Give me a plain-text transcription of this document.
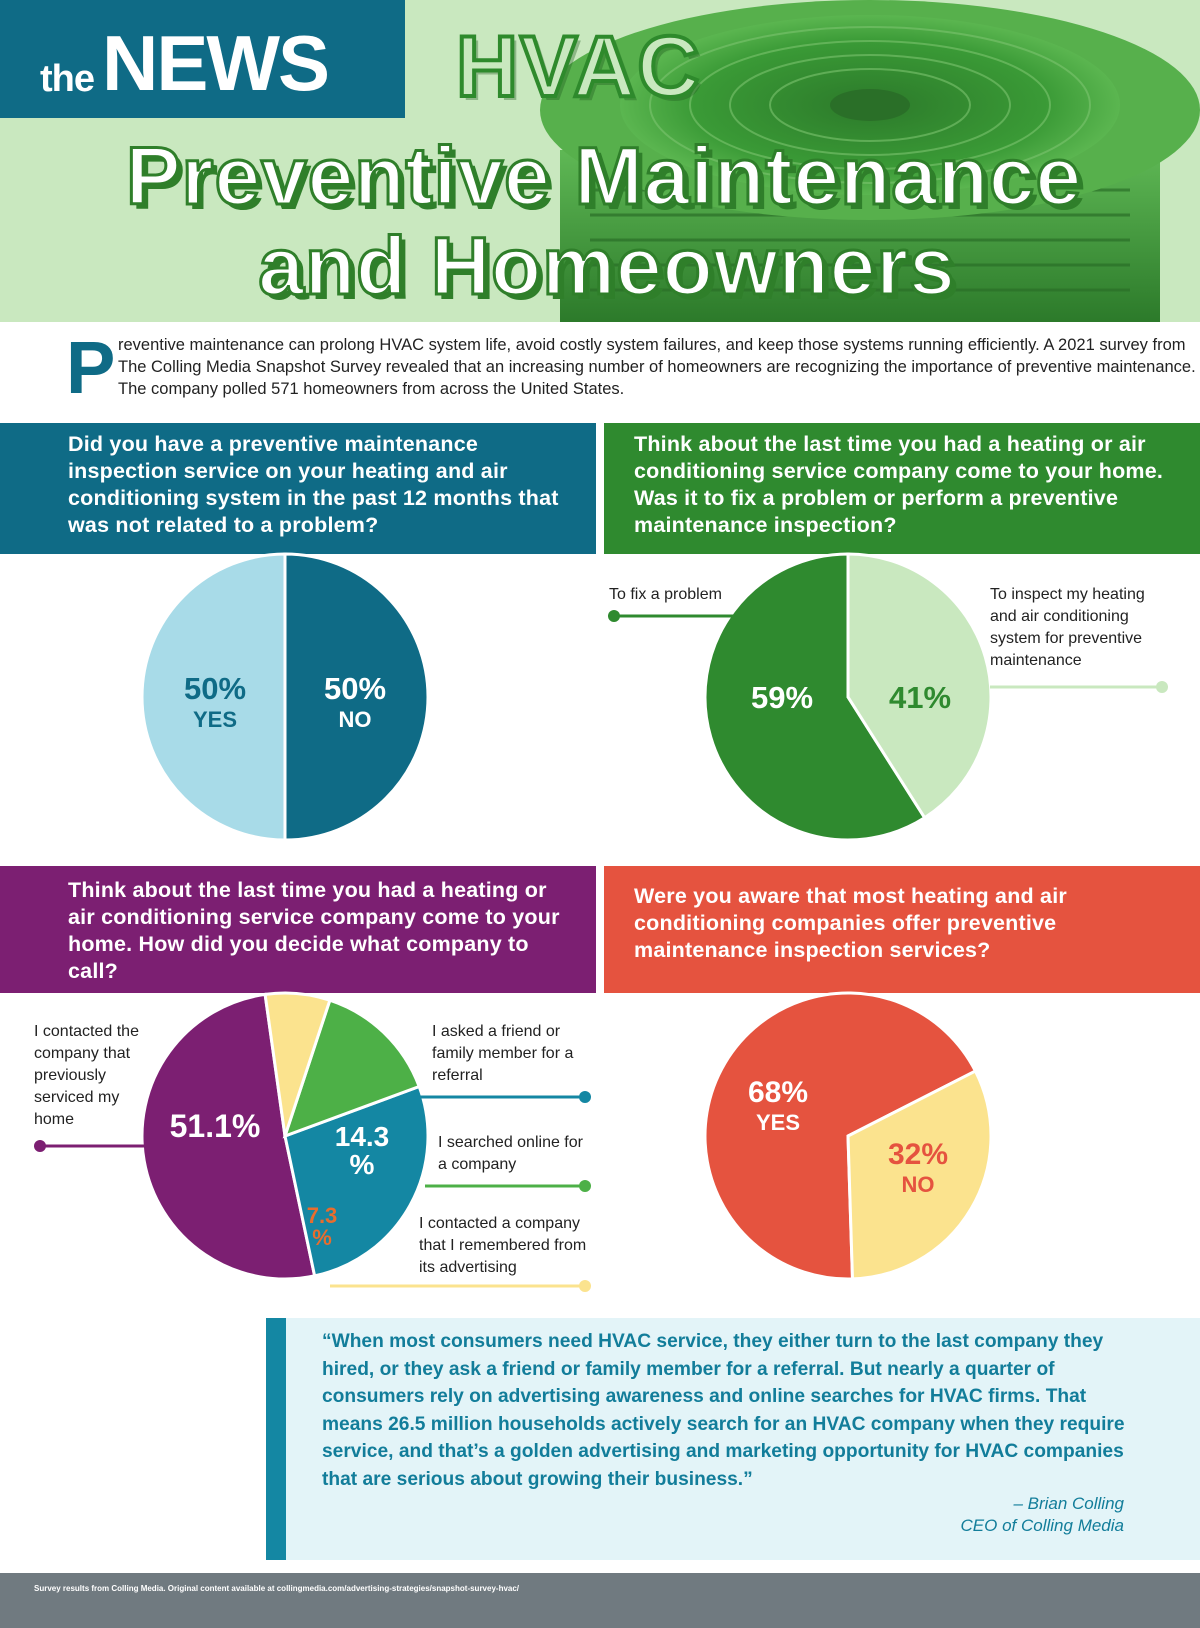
the NEWS HVAC
Preventive Maintenance
and Homeowners
P reventive maintenance can prolong HVAC system life, avoid costly system failures, and keep those systems running efficiently. A 2021 survey from The Colling Media Snapshot Survey revealed that an increasing number of homeowners are recognizing the importance of preventive maintenance. The company polled 571 homeowners from across the United States.
Did you have a preventive maintenance inspection service on your heating and air conditioning system in the past 12 months that was not related to a problem?
Think about the last time you had a heating or air conditioning service company come to your home. Was it to fix a problem or perform a preventive maintenance inspection?
Think about the last time you had a heating or air conditioning service company come to your home. How did you decide what company to call?
Were you aware that most heating and air conditioning companies offer preventive maintenance inspection services?
50%
YES
50%
NO
59% 41%
51.1%	14.3
%
7.3
%
68%
YES
32%
NO
To fix a problem	To inspect my heating and air conditioning system for preventive maintenance
I contacted the company that previously serviced my home
I asked a friend or family member for a referral
I searched online for a company
I contacted a company that I remembered from its advertising
“When most consumers need HVAC service, they either turn to the last company they hired, or they ask a friend or family member for a referral. But nearly a quarter of consumers rely on advertising awareness and online searches for HVAC firms. That means 26.5 million households actively search for an HVAC company when they require service, and that’s a golden advertising and marketing opportunity for HVAC companies that are serious about growing their business.”
– Brian Colling
CEO of Colling Media
Survey results from Colling Media. Original content available at collingmedia.com/advertising-strategies/snapshot-survey-hvac/
